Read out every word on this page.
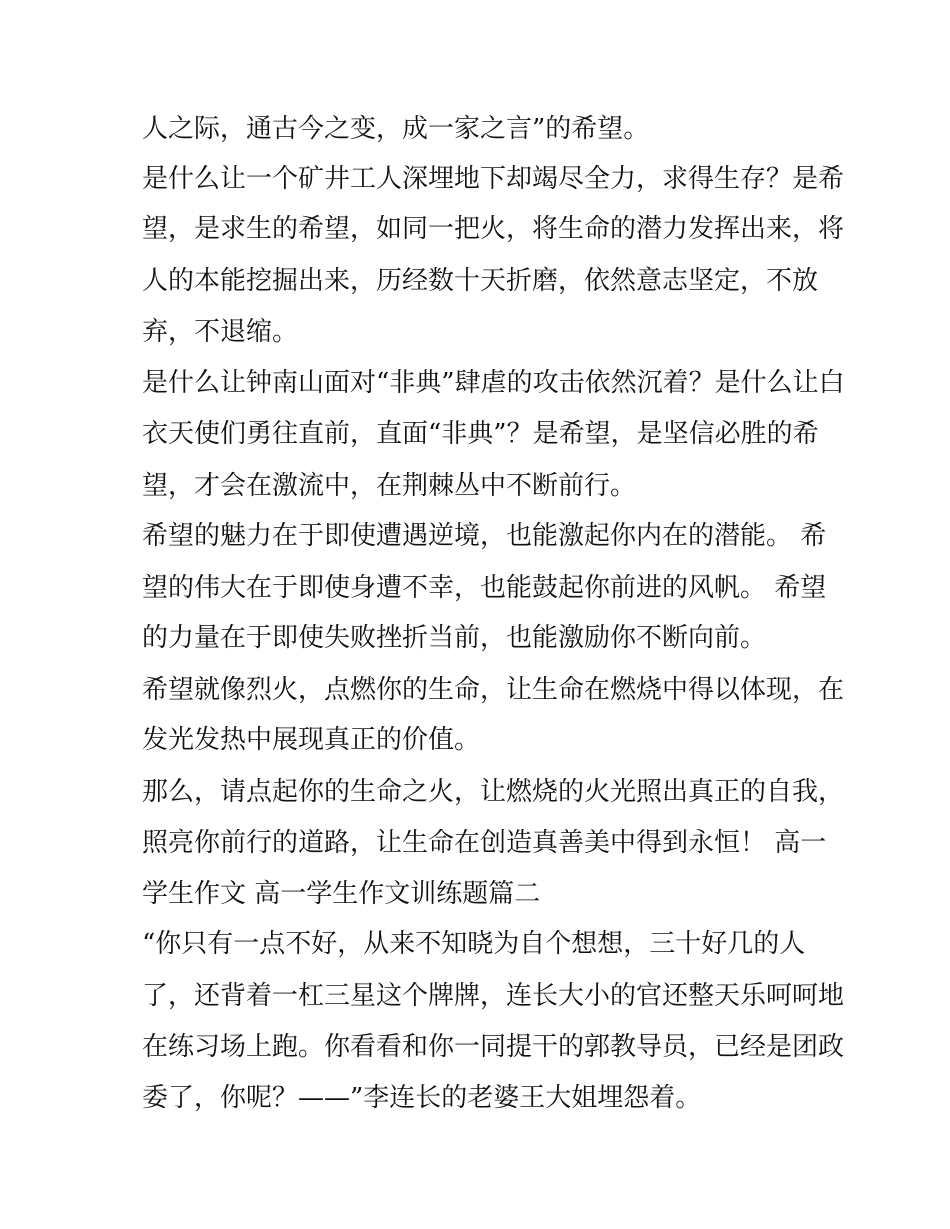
人之际，通古今之变，成一家之言”的希望。

是什么让一个矿井工人深埋地下却竭尽全力，求得生存？是希

望，是求生的希望，如同一把火，将生命的潜力发挥出来，将

人的本能挖掘出来，历经数十天折磨，依然意志坚定，不放

弃，不退缩。

是什么让钟南山面对“非典”肆虐的攻击依然沉着？是什么让白

衣天使们勇往直前，直面“非典”？是希望，是坚信必胜的希

望，才会在激流中，在荆棘丛中不断前行。

希望的魅力在于即使遭遇逆境，也能激起你内在的潜能。 希

望的伟大在于即使身遭不幸，也能鼓起你前进的风帆。 希望

的力量在于即使失败挫折当前，也能激励你不断向前。

希望就像烈火，点燃你的生命，让生命在燃烧中得以体现，在

发光发热中展现真正的价值。

那么，请点起你的生命之火，让燃烧的火光照出真正的自我，

照亮你前行的道路，让生命在创造真善美中得到永恒！ 高一

学生作文 高一学生作文训练题篇二

“你只有一点不好，从来不知晓为自个想想，三十好几的人

了，还背着一杠三星这个牌牌，连长大小的官还整天乐呵呵地

在练习场上跑。你看看和你一同提干的郭教导员，已经是团政

委了，你呢？——”李连长的老婆王大姐埋怨着。
